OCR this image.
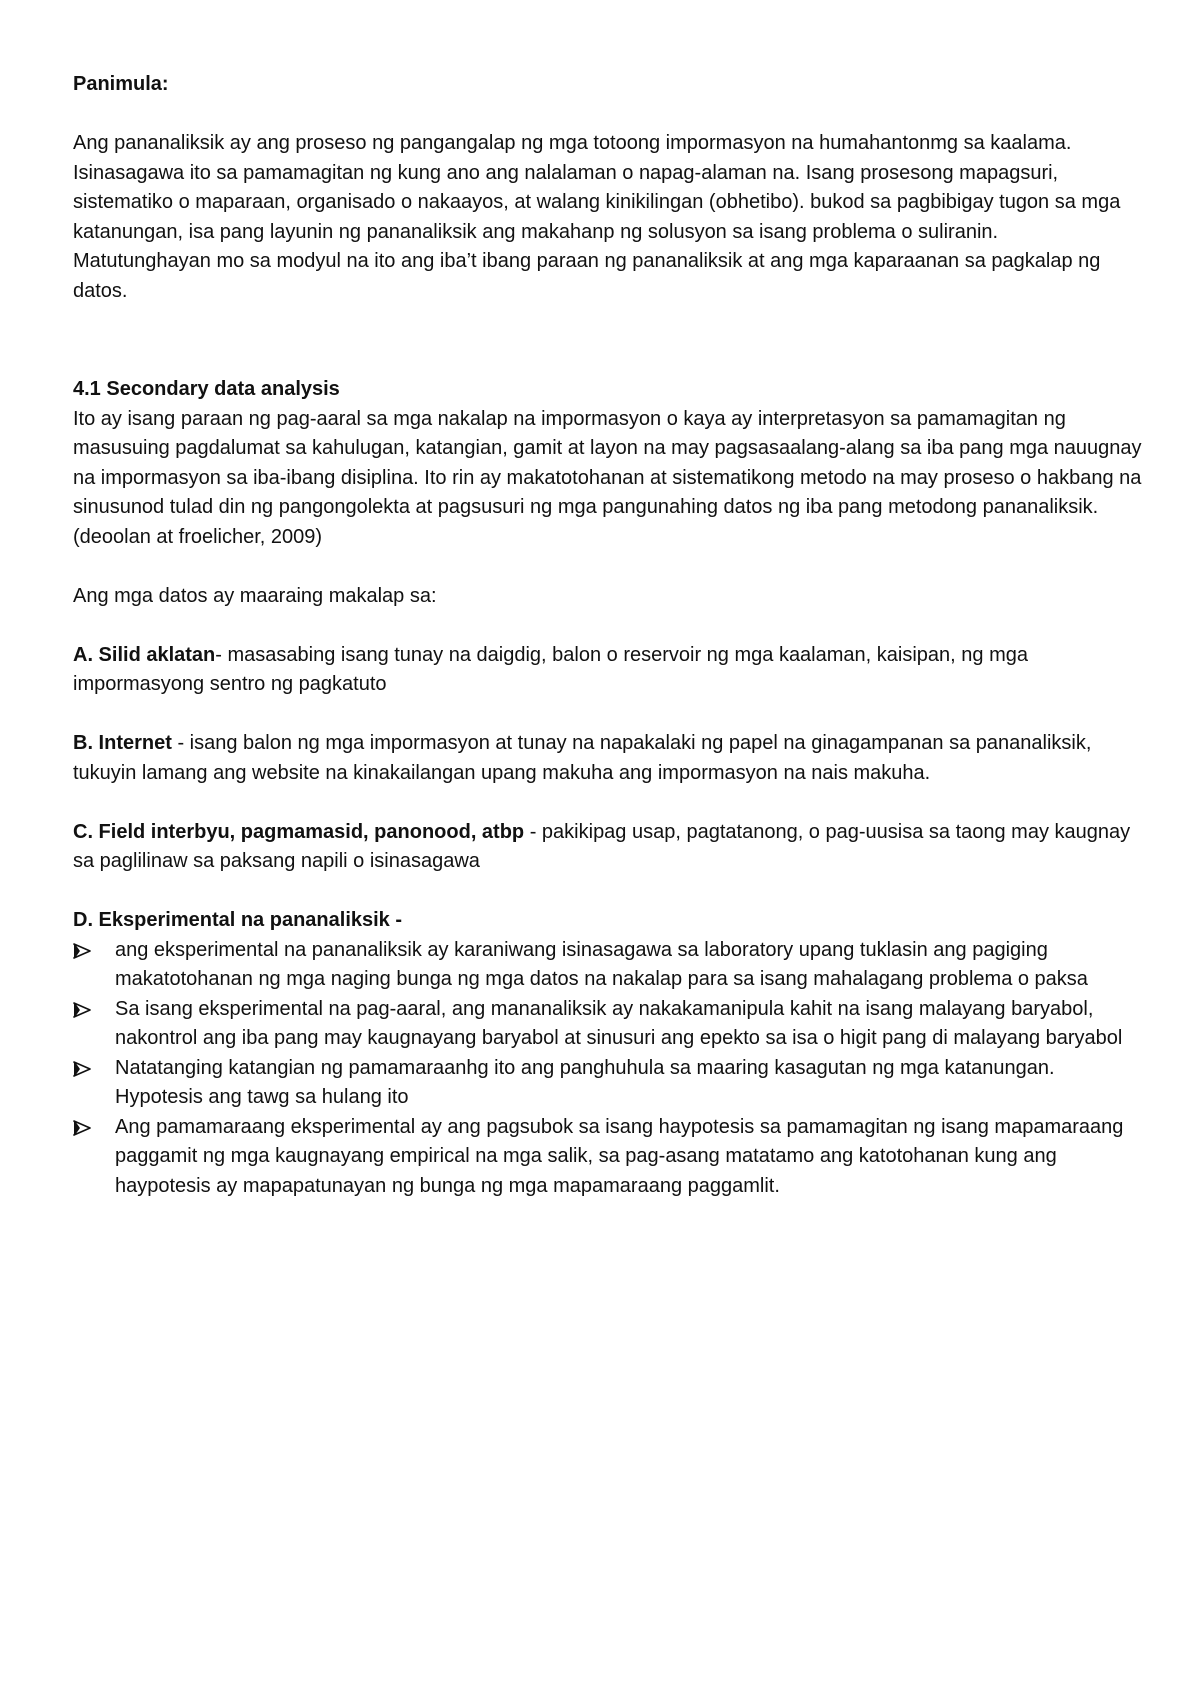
Panimula:

Ang pananaliksik ay ang proseso ng pangangalap ng mga totoong impormasyon na humahantonmg sa kaalama. Isinasagawa ito sa pamamagitan ng kung ano ang nalalaman o napag-alaman na. Isang prosesong mapagsuri, sistematiko o maparaan, organisado o nakaayos, at walang kinikilingan (obhetibo). bukod sa pagbibigay tugon sa mga katanungan, isa pang layunin ng pananaliksik ang makahanp ng solusyon sa isang problema o suliranin.

Matutunghayan mo sa modyul na ito ang iba’t ibang paraan ng pananaliksik at ang mga kaparaanan sa pagkalap ng datos.

4.1 Secondary data analysis

Ito ay isang paraan ng pag-aaral sa mga nakalap na impormasyon o kaya ay interpretasyon sa pamamagitan ng masusuing pagdalumat sa kahulugan, katangian, gamit at layon na may pagsasaalang-alang sa iba pang mga nauugnay na impormasyon sa iba-ibang disiplina. Ito rin ay makatotohanan at sistematikong metodo na may proseso o hakbang na sinusunod tulad din ng pangongolekta at pagsusuri ng mga pangunahing datos ng iba pang metodong pananaliksik. (deoolan at froelicher, 2009)

Ang mga datos ay maaraing makalap sa:

A. Silid aklatan- masasabing isang tunay na daigdig, balon o reservoir ng mga kaalaman, kaisipan, ng mga impormasyong sentro ng pagkatuto

B. Internet - isang balon ng mga impormasyon at tunay na napakalaki ng papel na ginagampanan sa pananaliksik, tukuyin lamang ang website na kinakailangan upang makuha ang impormasyon na nais makuha.

C. Field interbyu, pagmamasid, panonood, atbp - pakikipag usap, pagtatanong, o pag-uusisa sa taong may kaugnay sa paglilinaw sa paksang napili o isinasagawa

D. Eksperimental na pananaliksik -

ang eksperimental na pananaliksik ay karaniwang isinasagawa sa laboratory upang tuklasin ang pagiging makatotohanan ng mga naging bunga ng mga datos na nakalap para sa isang mahalagang problema o paksa
Sa isang eksperimental na pag-aaral, ang mananaliksik ay nakakamanipula kahit na isang malayang baryabol, nakontrol ang iba pang may kaugnayang baryabol at sinusuri ang epekto sa isa o higit pang di malayang baryabol
Natatanging katangian ng pamamaraanhg ito ang panghuhula sa maaring kasagutan ng mga katanungan. Hypotesis ang tawg sa hulang ito
Ang pamamaraang eksperimental ay ang pagsubok sa isang haypotesis sa pamamagitan ng isang mapamaraang paggamit ng mga kaugnayang empirical na mga salik, sa pag-asang matatamo ang katotohanan kung ang haypotesis ay mapapatunayan ng bunga ng mga mapamaraang paggamlit.
